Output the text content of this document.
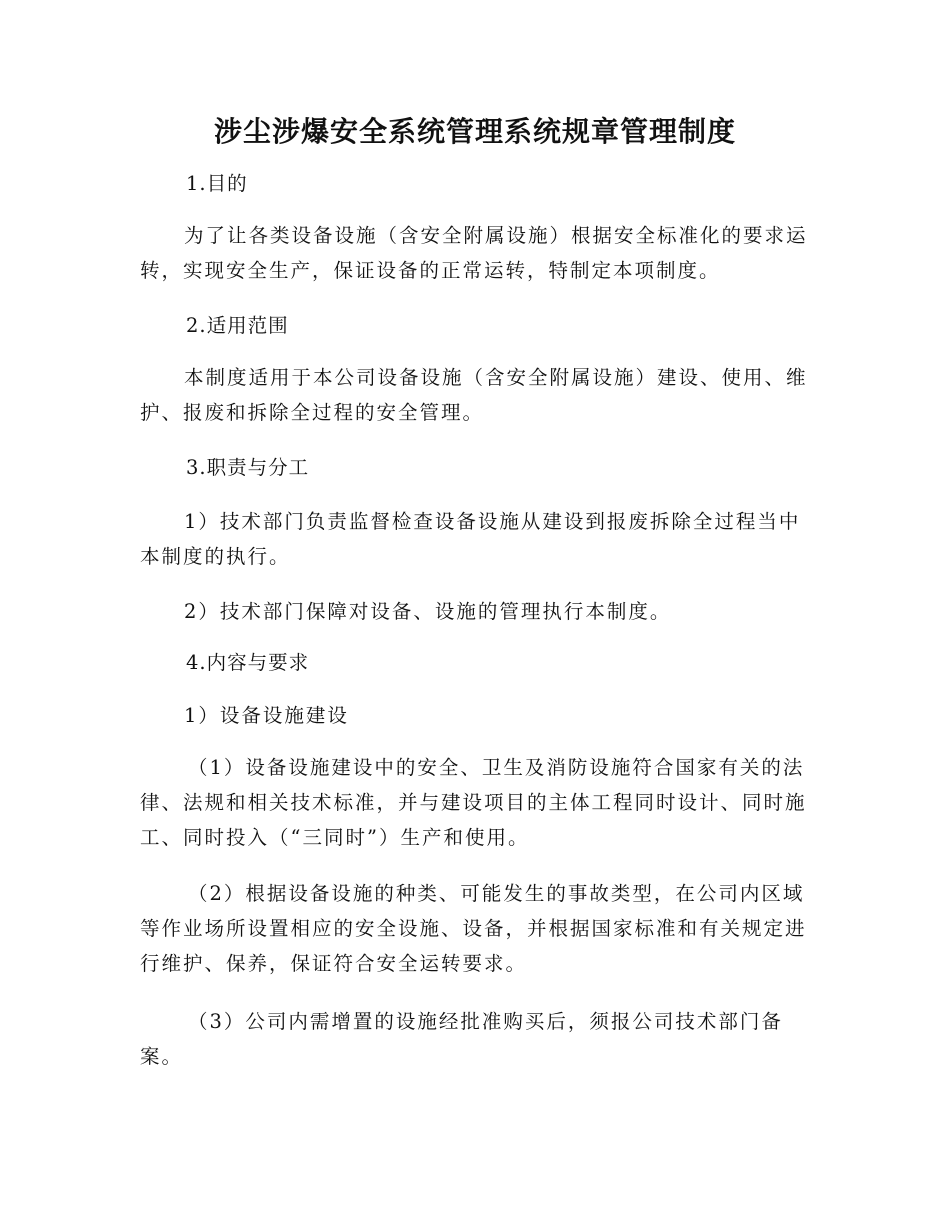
涉尘涉爆安全系统管理系统规章管理制度

1.目的

为了让各类设备设施（含安全附属设施）根据安全标准化的要求运转，实现安全生产，保证设备的正常运转，特制定本项制度。

2.适用范围

本制度适用于本公司设备设施（含安全附属设施）建设、使用、维护、报废和拆除全过程的安全管理。

3.职责与分工

1）技术部门负责监督检查设备设施从建设到报废拆除全过程当中本制度的执行。

2）技术部门保障对设备、设施的管理执行本制度。

4.内容与要求

1）设备设施建设

（1）设备设施建设中的安全、卫生及消防设施符合国家有关的法律、法规和相关技术标准，并与建设项目的主体工程同时设计、同时施工、同时投入（“三同时”）生产和使用。

（2）根据设备设施的种类、可能发生的事故类型，在公司内区域等作业场所设置相应的安全设施、设备，并根据国家标准和有关规定进行维护、保养，保证符合安全运转要求。

（3）公司内需增置的设施经批准购买后，须报公司技术部门备案。
